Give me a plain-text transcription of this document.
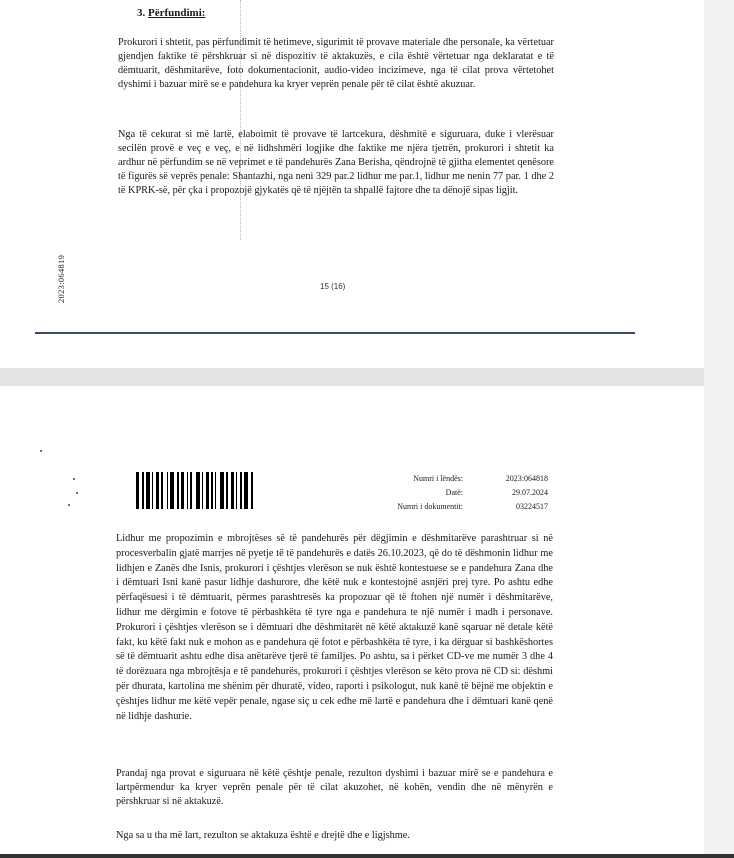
3. Përfundimi:

Prokurori i shtetit, pas përfundimit të hetimeve, sigurimit të provave materiale dhe personale, ka vërtetuar gjendjen faktike të përshkruar si në dispozitiv të aktakuzës, e cila është vërtetuar nga deklaratat e të dëmtuarit, dëshmitarëve, foto dokumentacionit, audio-video incizimeve, nga të cilat prova vërtetohet dyshimi i bazuar mirë se e pandehura ka kryer veprën penale për të cilat është akuzuar.

Nga të cekurat si më lartë, elaboimit të provave të lartcekura, dëshmitë e siguruara, duke i vlerësuar secilën provë e veç e veç, e në lidhshmëri logjike dhe faktike me njëra tjetrën, prokurori i shtetit ka ardhur në përfundim se në veprimet e të pandehurës Zana Berisha, qëndrojnë të gjitha elementet qenësore të figurës së veprës penale: Shantazhi, nga neni 329 par.2 lidhur me par.1, lidhur me nenin 77 par. 1 dhe 2 të KPRK-së, për çka i propozojë gjykatës që të njëjtën ta shpallë fajtore dhe ta dënojë sipas ligjit.

2023:064819	15 (16)
Numri i lëndës:	2023:064818
Datë:	29.07.2024
Numri i dokumentit:	03224517

Lidhur me propozimin e mbrojtëses së të pandehurës për dëgjimin e dëshmitarëve parashtruar si në procesverbalin gjatë marrjes në pyetje të të pandehurës e datës 26.10.2023, që do të dëshmonin lidhur me lidhjen e Zanës dhe Isnis, prokurori i çështjes vlerëson se nuk është kontestuese se e pandehura Zana dhe i dëmtuari Isni kanë pasur lidhje dashurore, dhe këtë nuk e kontestojnë asnjëri prej tyre. Po ashtu edhe përfaqësuesi i të dëmtuarit, përmes parashtresës ka propozuar që të ftohen një numër i dëshmitarëve, lidhur me dërgimin e fotove të përbashkëta të tyre nga e pandehura te një numër i madh i personave. Prokurori i çështjes vlerëson se i dëmtuari dhe dëshmitarët në këtë aktakuzë kanë sqaruar në detale këtë fakt, ku këtë fakt nuk e mohon as e pandehura që fotot e përbashkëta të tyre, i ka dërguar si bashkëshortes së të dëmtuarit ashtu edhe disa anëtarëve tjerë të familjes. Po ashtu, sa i përket CD-ve me numër 3 dhe 4 të dorëzuara nga mbrojtësja e të pandehurës, prokurori i çështjes vlerëson se këto prova në CD si: dëshmi për dhurata, kartolina me shënim për dhuratë, video, raporti i psikologut, nuk kanë të bëjnë me objektin e çështjes lidhur me këtë vepër penale, ngase siç u cek edhe më lartë e pandehura dhe i dëmtuari kanë qenë në lidhje dashurie.

Prandaj nga provat e siguruara në këtë çështje penale, rezulton dyshimi i bazuar mirë se e pandehura e lartpërmendur ka kryer veprën penale për të cilat akuzohet, në kohën, vendin dhe në mënyrën e përshkruar si në aktakuzë.

Nga sa u tha më lart, rezulton se aktakuza është e drejtë dhe e ligjshme.
